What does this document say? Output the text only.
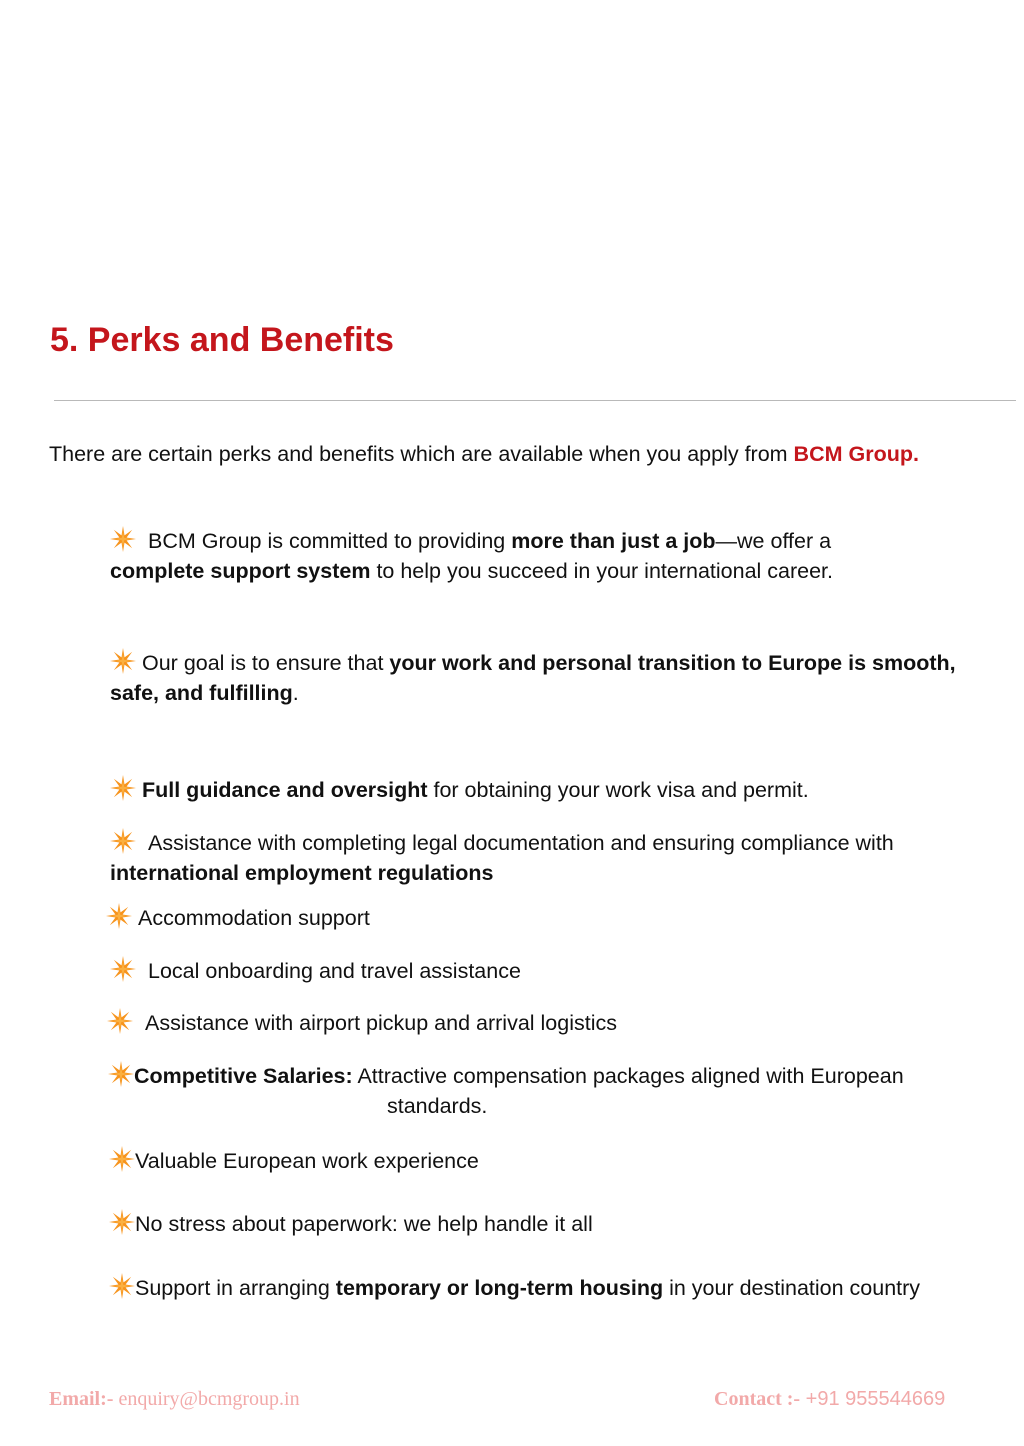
5. Perks and Benefits

There are certain perks and benefits which are available when you apply from BCM Group.

BCM Group is committed to providing more than just a job—we offer a
complete support system to help you succeed in your international career.
Our goal is to ensure that your work and personal transition to Europe is smooth, safe, and fulfilling.
Full guidance and oversight for obtaining your work visa and permit.
Assistance with completing legal documentation and ensuring compliance with international employment regulations
Accommodation support
Local onboarding and travel assistance
Assistance with airport pickup and arrival logistics
Competitive Salaries: Attractive compensation packages aligned with European
standards.
Valuable European work experience
No stress about paperwork: we help handle it all
Support in arranging temporary or long-term housing in your destination country
Email:- enquiry@bcmgroup.in	Contact :- +91 955544669
